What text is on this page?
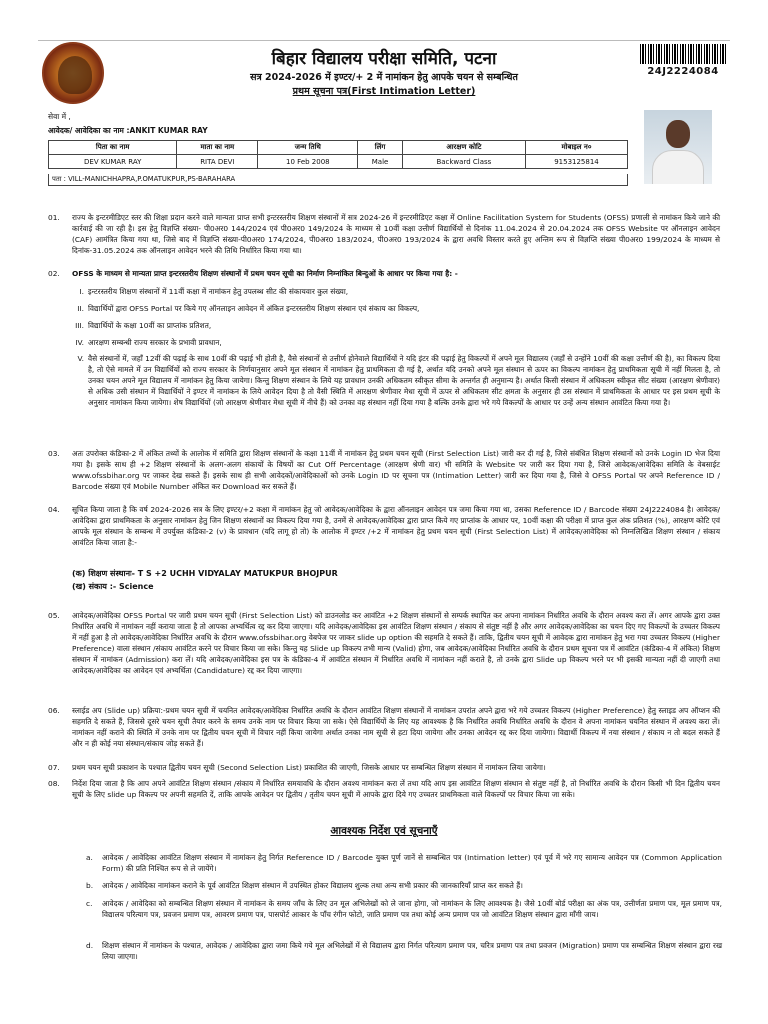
बिहार विद्यालय परीक्षा समिति, पटना
सत्र 2024-2026 में इण्टर/+ 2 में नामांकन हेतु आपके चयन से सम्बन्धित
प्रथम सूचना पत्र(First Intimation Letter)
24J2224084
सेवा में ,
आवेदक/ आवेदिका का नाम :ANKIT KUMAR RAY
पिता का नाम	माता का नाम	जन्म तिथि	लिंग	आरक्षण कोटि	मोबाइल न०
DEV KUMAR RAY	RITA DEVI	10 Feb 2008	Male	Backward Class	9153125814
पता : VILL-MANICHHAPRA,P.OMATUKPUR,PS-BARAHARA
01. राज्य के इन्टरमीडिएट स्तर की शिक्षा प्रदान करने वाले मान्यता प्राप्त सभी इन्टरस्तरीय शिक्षण संस्थानों में सत्र 2024-26 में इन्टरमीडिएट कक्षा में Online Facilitation System for Students (OFSS) प्रणाली से नामांकन किये जाने की कार्रवाई की जा रही है। इस हेतु विज्ञप्ति संख्या- पी0अर0 144/2024 एवं पी0अर0 149/2024 के माध्यम से 10वीं कक्षा उत्तीर्ण विद्यार्थियों से दिनांक 11.04.2024 से 20.04.2024 तक OFSS Website पर ऑनलाइन आवेदन (CAF) आमंत्रित किया गया था, जिसे बाद में विज्ञप्ति संख्या-पी0अर0 174/2024, पी0अर0 183/2024, पी0अर0 193/2024 के द्वारा अवधि विस्तार करते हुए अन्तिम रूप से विज्ञप्ति संख्या पी0अर0 199/2024 के माध्यम से दिनांक-31.05.2024 तक ऑनलाइन आवेदन भरने की तिथि निर्धारित किया गया था।
02. OFSS के माध्यम से मान्यता प्राप्त इन्टरस्तरीय शिक्षण संस्थानों में प्रथम चयन सूची का निर्माण निम्नांकित बिन्दुओं के आधार पर किया गया है: -
I. इन्टरस्तरीय शिक्षण संस्थानों में 11वीं कक्षा में नामांकन हेतु उपलब्ध सीट की संकायवार कुल संख्या,
II. विद्यार्थियों द्वारा OFSS Portal पर किये गए ऑनलाइन आवेदन में अंकित इन्टरस्तरीय शिक्षण संस्थान एवं संकाय का विकल्प,
III. विद्यार्थियों के कक्षा 10वीं का प्राप्तांक प्रतिशत,
IV. आरक्षण सम्बन्धी राज्य सरकार के प्रभावी प्रावधान,
V. वैसे संस्थानों में, जहाँ 12वीं की पढ़ाई के साथ 10वीं की पढ़ाई भी होती है, वैसे संस्थानों से उत्तीर्ण होनेवाले विद्यार्थियों ने यदि इंटर की पढ़ाई हेतु विकल्पों में अपने मूल विद्यालय (जहाँ से उन्होंने 10वीं की कक्षा उत्तीर्ण की है), का विकल्प दिया है, तो ऐसे मामले में उन विद्यार्थियों को राज्य सरकार के निर्णयानुसार अपने मूल संस्थान में नामांकन हेतु प्राथमिकता दी गई है, अर्थात यदि उनको अपने मूल संस्थान से ऊपर का विकल्प नामांकन हेतु प्राथमिकता सूची में नहीं मिलता है, तो उनका चयन अपने मूल विद्यालय में नामांकन हेतु किया जायेगा। किन्तु शिक्षण संस्थान के लिये यह प्रावधान उनकी अधिकतम स्वीकृत सीमा के अन्तर्गत ही अनुमान्य है। अर्थात किसी संस्थान में अधिकतम स्वीकृत सीट संख्या (आरक्षण श्रेणीवार) से अधिक उसी संस्थान में विद्यार्थियों ने इण्टर में नामांकन के लिये आवेदन दिया है तो वैसी स्थिति में आरक्षण श्रेणीवार मेधा सूची में ऊपर से अधिकतम सीट क्षमता के अनुसार ही उस संस्थान में प्राथमिकता के आधार पर इस प्रथम सूची के अनुसार नामांकन किया जायेगा। शेष विद्यार्थियों (जो आरक्षण श्रेणीवार मेधा सूची में नीचे हैं) को उनका वह संस्थान नहीं दिया गया है बल्कि उनके द्वारा भरे गये विकल्पों के आधार पर उन्हें अन्य संस्थान आवंटित किया गया है।
03. अतः उपरोक्त कंडिका-2 में अंकित तथ्यों के आलोक में समिति द्वारा शिक्षण संस्थानों के कक्षा 11वीं में नामांकन हेतु प्रथम चयन सूची (First Selection List) जारी कर दी गई है, जिसे संबंधित शिक्षण संस्थानों को उनके Login ID भेज दिया गया है। इसके साथ ही +2 शिक्षण संस्थानों के अलग-अलग संकायों के विषयों का Cut Off Percentage (आरक्षण श्रेणी वार) भी समिति के Website पर जारी कर दिया गया है, जिसे आवेदक/आवेदिका समिति के वेबसाईट www.ofssbihar.org पर जाकर देख सकते हैं। इसके साथ ही सभी आवेदकों/आवेदिकाओं को उनके Login ID पर सूचना पत्र (Intimation Letter) जारी कर दिया गया है, जिसे वे OFSS Portal पर अपने Reference ID / Barcode संख्या एवं Mobile Number अंकित कर Download कर सकते हैं।
04. सूचित किया जाता है कि वर्ष 2024-2026 सत्र के लिए इण्टर/+2 कक्षा में नामांकन हेतु जो आवेदक/आवेदिका के द्वारा ऑनलाइन आवेदन पत्र जमा किया गया था, उसका Reference ID / Barcode संख्या 24J2224084 है। आवेदक/आवेदिका द्वारा प्राथमिकता के अनुसार नामांकन हेतु जिन शिक्षण संस्थानों का विकल्प दिया गया है, उनमें से आवेदक/आवेदिका द्वारा प्राप्त किये गए प्राप्तांक के आधार पर, 10वीं कक्षा की परीक्षा में प्राप्त कुल अंक प्रतिशत (%), आरक्षण कोटि एवं आपके मूल संस्थान के सम्बन्ध में उपर्युक्त कंडिका-2 (v) के प्रावधान (यदि लागू हो तो) के आलोक में इण्टर /+2 में नामांकन हेतु प्रथम चयन सूची (First Selection List) में आवेदक/आवेदिका को निम्नलिखित शिक्षण संस्थान / संकाय आवंटित किया जाता है:-
(क) शिक्षण संस्थानः- T S +2 UCHH VIDYALAY MATUKPUR BHOJPUR
(ख) संकाय :- Science
05. आवेदक/आवेदिका OFSS Portal पर जारी प्रथम चयन सूची (First Selection List) को डाउनलोड कर आवंटित +2 शिक्षण संस्थानों से सम्पर्क स्थापित कर अपना नामांकन निर्धारित अवधि के दौरान अवश्य करा लें। अगर आपके द्वारा उक्त निर्धारित अवधि में नामांकन नहीं कराया जाता है तो आपका अभ्यर्थित्व रद्द कर दिया जाएगा। यदि आवेदक/आवेदिका इस आवंटित शिक्षण संस्थान / संकाय से संतुष्ट नहीं है और अगर आवेदक/आवेदिका का चयन दिए गए विकल्पों के उच्चतर विकल्प में नहीं हुआ है तो आवेदक/आवेदिका निर्धारित अवधि के दौरान www.ofssbihar.org वेबपेज पर जाकर slide up option की सहमति दे सकते हैं। ताकि, द्वितीय चयन सूची में आवेदक द्वारा नामांकन हेतु भरा गया उच्चतर विकल्प (Higher Preference) वाला संस्थान /संकाय आवंटित करने पर विचार किया जा सके। किन्तु यह Slide up विकल्प तभी मान्य (Valid) होगा, जब आवेदक/आवेदिका निर्धारित अवधि के दौरान प्रथम सूचना पत्र में आवंटित (कंडिका-4 में अंकित) शिक्षण संस्थान में नामांकन (Admission) करा लें। यदि आवेदक/आवेदिका इस पत्र के कंडिका-4 में आवंटित संस्थान में निर्धारित अवधि में नामांकन नहीं कराते है, तो उनके द्वारा Slide up विकल्प भरने पर भी इसकी मान्यता नहीं दी जाएगी तथा आवेदक/आवेदिका का आवेदन एवं अभ्यर्थिता (Candidature) रद्द कर दिया जाएगा।
06. स्लाईड अप (Slide up) प्रक्रिया:-प्रथम चयन सूची में चयनित आवेदक/आवेदिका निर्धारित अवधि के दौरान आवंटित शिक्षण संस्थानों में नामांकन उपरांत अपने द्वारा भरे गये उच्चतर विकल्प (Higher Preference) हेतु स्लाइड अप ऑप्शन की सहमति दे सकते हैं, जिससे दूसरे चयन सूची तैयार करने के समय उनके नाम पर विचार किया जा सके। ऐसे विद्यार्थियों के लिए यह आवश्यक है कि निर्धारित अवधि निर्धारित अवधि के दौरान वे अपना नामांकन चयनित संस्थान में अवश्य करा लें। नामांकन नहीं कराने की स्थिति में उनके नाम पर द्वितीय चयन सूची में विचार नहीं किया जायेगा अर्थात उनका नाम सूची से हटा दिया जायेगा और उनका आवेदन रद्द कर दिया जायेगा। विद्यार्थी विकल्प में नया संस्थान / संकाय न तो बदल सकते हैं और न ही कोई नया संस्थान/संकाय जोड़ सकते हैं।
07. प्रथम चयन सूची प्रकाशन के पश्चात द्वितीय चयन सूची (Second Selection List) प्रकाशित की जाएगी, जिसके आधार पर सम्बन्धित शिक्षण संस्थान में नामांकन लिया जायेगा।
08. निर्देश दिया जाता है कि आप अपने आवंटित शिक्षण संस्थान /संकाय में निर्धारित समयावधि के दौरान अवश्य नामांकन करा लें तथा यदि आप इस आवंटित शिक्षण संस्थान से संतुष्ट नहीं है, तो निर्धारित अवधि के दौरान किसी भी दिन द्वितीय चयन सूची के लिए slide up विकल्प पर अपनी सहमति दें, ताकि आपके आवेदन पर द्वितीय / तृतीय चयन सूची में आपके द्वारा दिये गए उच्चतर प्राथमिकता वाले विकल्पों पर विचार किया जा सके।
आवश्यक निर्देश एवं सूचनाएँ
a. आवेदक / आवेदिका आवंटित शिक्षण संस्थान में नामांकन हेतु निर्गत Reference ID / Barcode युक्त पूर्ण जानें से सम्बन्धित पत्र (Intimation letter) एवं पूर्व में भरे गए सामान्य आवेदन पत्र (Common Application Form) की प्रति निश्चित रूप से ले जायेंगे।
b. आवेदक / आवेदिका नामांकन कराने के पूर्व आवंटित शिक्षण संस्थान में उपस्थित होकर विद्यालय शुल्क तथा अन्य सभी प्रकार की जानकारियाँ प्राप्त कर सकते हैं।
c. आवेदक / आवेदिका को सम्बन्धित शिक्षण संस्थान में नामांकन के समय जाँच के लिए उन मूल अभिलेखों को ले जाना होगा, जो नामांकन के लिए आवश्यक है। जैसे 10वीं बोर्ड परीक्षा का अंक पत्र, उत्तीर्णता प्रमाण पत्र, मूल प्रमाण पत्र, विद्यालय परित्याग पत्र, प्रवजन प्रमाण पत्र, आवरण प्रमाण पत्र, पासपोर्ट आकार के पाँच रंगीन फोटो, जाति प्रमाण पत्र तथा कोई अन्य प्रमाण पत्र जो आवंटित शिक्षण संस्थान द्वारा माँगी जाय।
d. शिक्षण संस्थान में नामांकन के पश्चात, आवेदक / आवेदिका द्वारा जमा किये गये मूल अभिलेखों में से विद्यालय द्वारा निर्गत परित्याग प्रमाण पत्र, चरित्र प्रमाण पत्र तथा प्रवजन (Migration) प्रमाण पत्र सम्बन्धित शिक्षण संस्थान द्वारा रख लिया जाएगा।
